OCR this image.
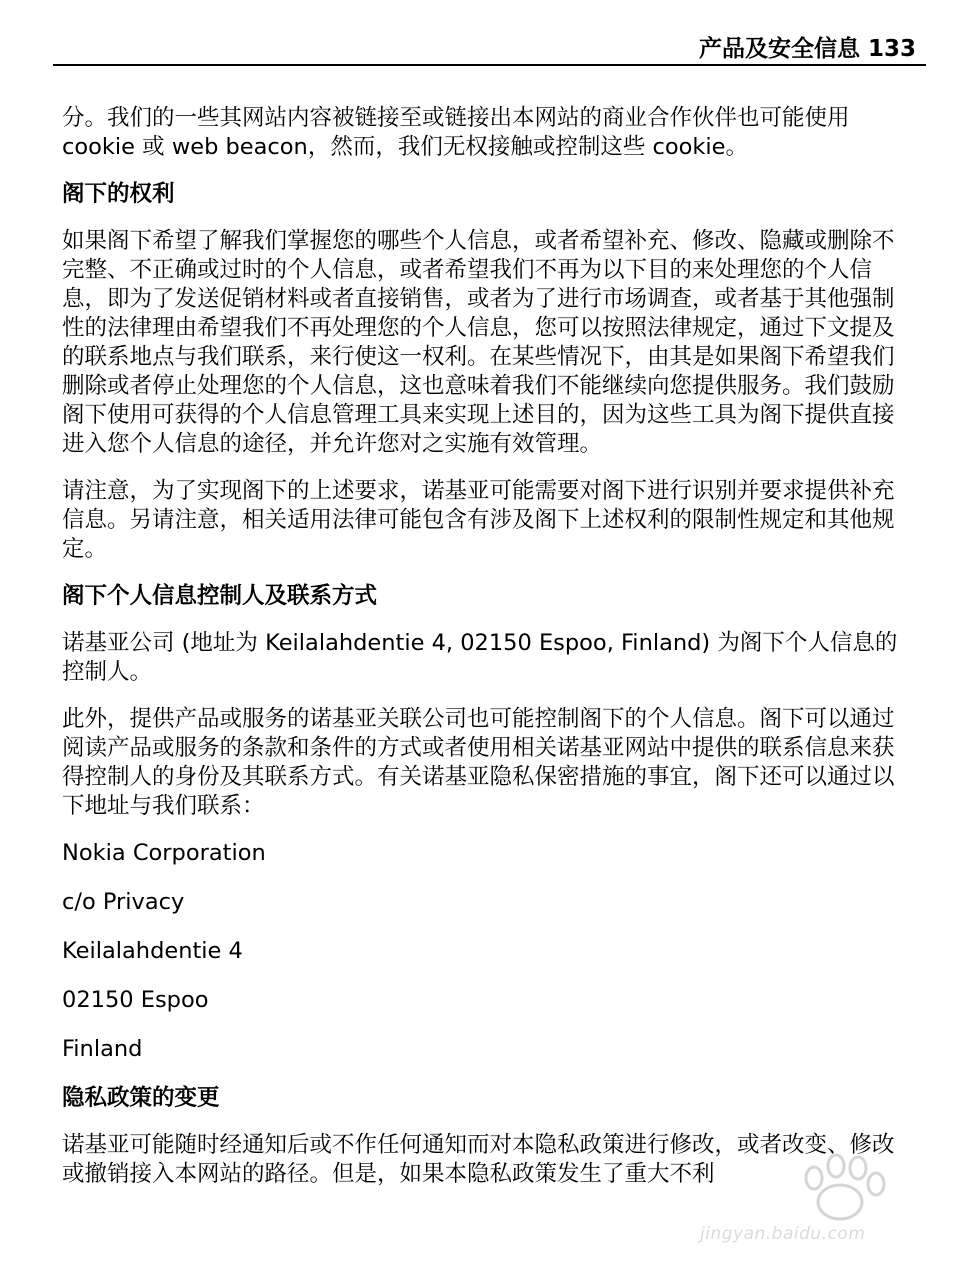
产品及安全信息 133

分。我们的一些其网站内容被链接至或链接出本网站的商业合作伙伴也可能使用 cookie 或 web beacon，然而，我们无权接触或控制这些 cookie。

阁下的权利

如果阁下希望了解我们掌握您的哪些个人信息，或者希望补充、修改、隐藏或删除不完整、不正确或过时的个人信息，或者希望我们不再为以下目的来处理您的个人信息，即为了发送促销材料或者直接销售，或者为了进行市场调查，或者基于其他强制性的法律理由希望我们不再处理您的个人信息，您可以按照法律规定，通过下文提及的联系地点与我们联系，来行使这一权利。在某些情况下，由其是如果阁下希望我们删除或者停止处理您的个人信息，这也意味着我们不能继续向您提供服务。我们鼓励阁下使用可获得的个人信息管理工具来实现上述目的，因为这些工具为阁下提供直接进入您个人信息的途径，并允许您对之实施有效管理。

请注意，为了实现阁下的上述要求，诺基亚可能需要对阁下进行识别并要求提供补充信息。另请注意，相关适用法律可能包含有涉及阁下上述权利的限制性规定和其他规定。

阁下个人信息控制人及联系方式

诺基亚公司 (地址为 Keilalahdentie 4, 02150 Espoo, Finland) 为阁下个人信息的控制人。

此外，提供产品或服务的诺基亚关联公司也可能控制阁下的个人信息。阁下可以通过阅读产品或服务的条款和条件的方式或者使用相关诺基亚网站中提供的联系信息来获得控制人的身份及其联系方式。有关诺基亚隐私保密措施的事宜，阁下还可以通过以下地址与我们联系：

Nokia Corporation

c/o Privacy

Keilalahdentie 4

02150 Espoo

Finland

隐私政策的变更

诺基亚可能随时经通知后或不作任何通知而对本隐私政策进行修改，或者改变、修改或撤销接入本网站的路径。但是，如果本隐私政策发生了重大不利

jingyan.baidu.com
